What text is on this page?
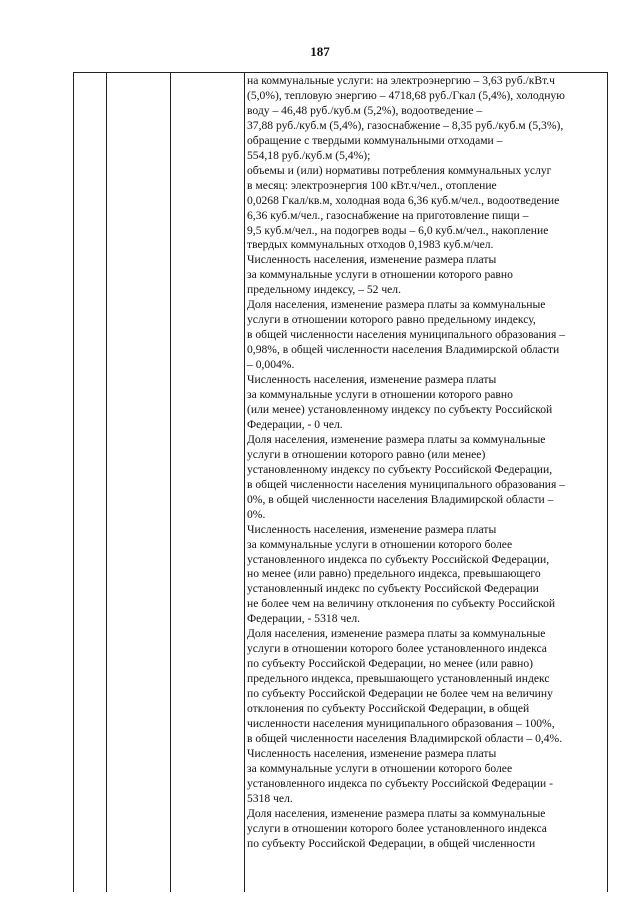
187
на коммунальные услуги: на электроэнергию – 3,63 руб./кВт.ч
(5,0%), тепловую энергию – 4718,68 руб./Гкал (5,4%), холодную
воду – 46,48 руб./куб.м (5,2%), водоотведение –
37,88 руб./куб.м (5,4%), газоснабжение – 8,35 руб./куб.м (5,3%),
обращение с твердыми коммунальными отходами –
554,18 руб./куб.м (5,4%);
объемы и (или) нормативы потребления коммунальных услуг
в месяц: электроэнергия 100 кВт.ч/чел., отопление
0,0268 Гкал/кв.м, холодная вода 6,36 куб.м/чел., водоотведение
6,36 куб.м/чел., газоснабжение на приготовление пищи –
9,5 куб.м/чел., на подогрев воды – 6,0 куб.м/чел., накопление
твердых коммунальных отходов 0,1983 куб.м/чел.
Численность населения, изменение размера платы
за коммунальные услуги в отношении которого равно
предельному индексу, – 52 чел.
Доля населения, изменение размера платы за коммунальные
услуги в отношении которого равно предельному индексу,
в общей численности населения муниципального образования –
0,98%, в общей численности населения Владимирской области
– 0,004%.
Численность населения, изменение размера платы
за коммунальные услуги в отношении которого равно
(или менее) установленному индексу по субъекту Российской
Федерации, - 0 чел.
Доля населения, изменение размера платы за коммунальные
услуги в отношении которого равно (или менее)
установленному индексу по субъекту Российской Федерации,
в общей численности населения муниципального образования –
0%, в общей численности населения Владимирской области –
0%.
Численность населения, изменение размера платы
за коммунальные услуги в отношении которого более
установленного индекса по субъекту Российской Федерации,
но менее (или равно) предельного индекса, превышающего
установленный индекс по субъекту Российской Федерации
не более чем на величину отклонения по субъекту Российской
Федерации, - 5318 чел.
Доля населения, изменение размера платы за коммунальные
услуги в отношении которого более установленного индекса
по субъекту Российской Федерации, но менее (или равно)
предельного индекса, превышающего установленный индекс
по субъекту Российской Федерации не более чем на величину
отклонения по субъекту Российской Федерации, в общей
численности населения муниципального образования – 100%,
в общей численности населения Владимирской области – 0,4%.
Численность населения, изменение размера платы
за коммунальные услуги в отношении которого более
установленного индекса по субъекту Российской Федерации -
5318 чел.
Доля населения, изменение размера платы за коммунальные
услуги в отношении которого более установленного индекса
по субъекту Российской Федерации, в общей численности
